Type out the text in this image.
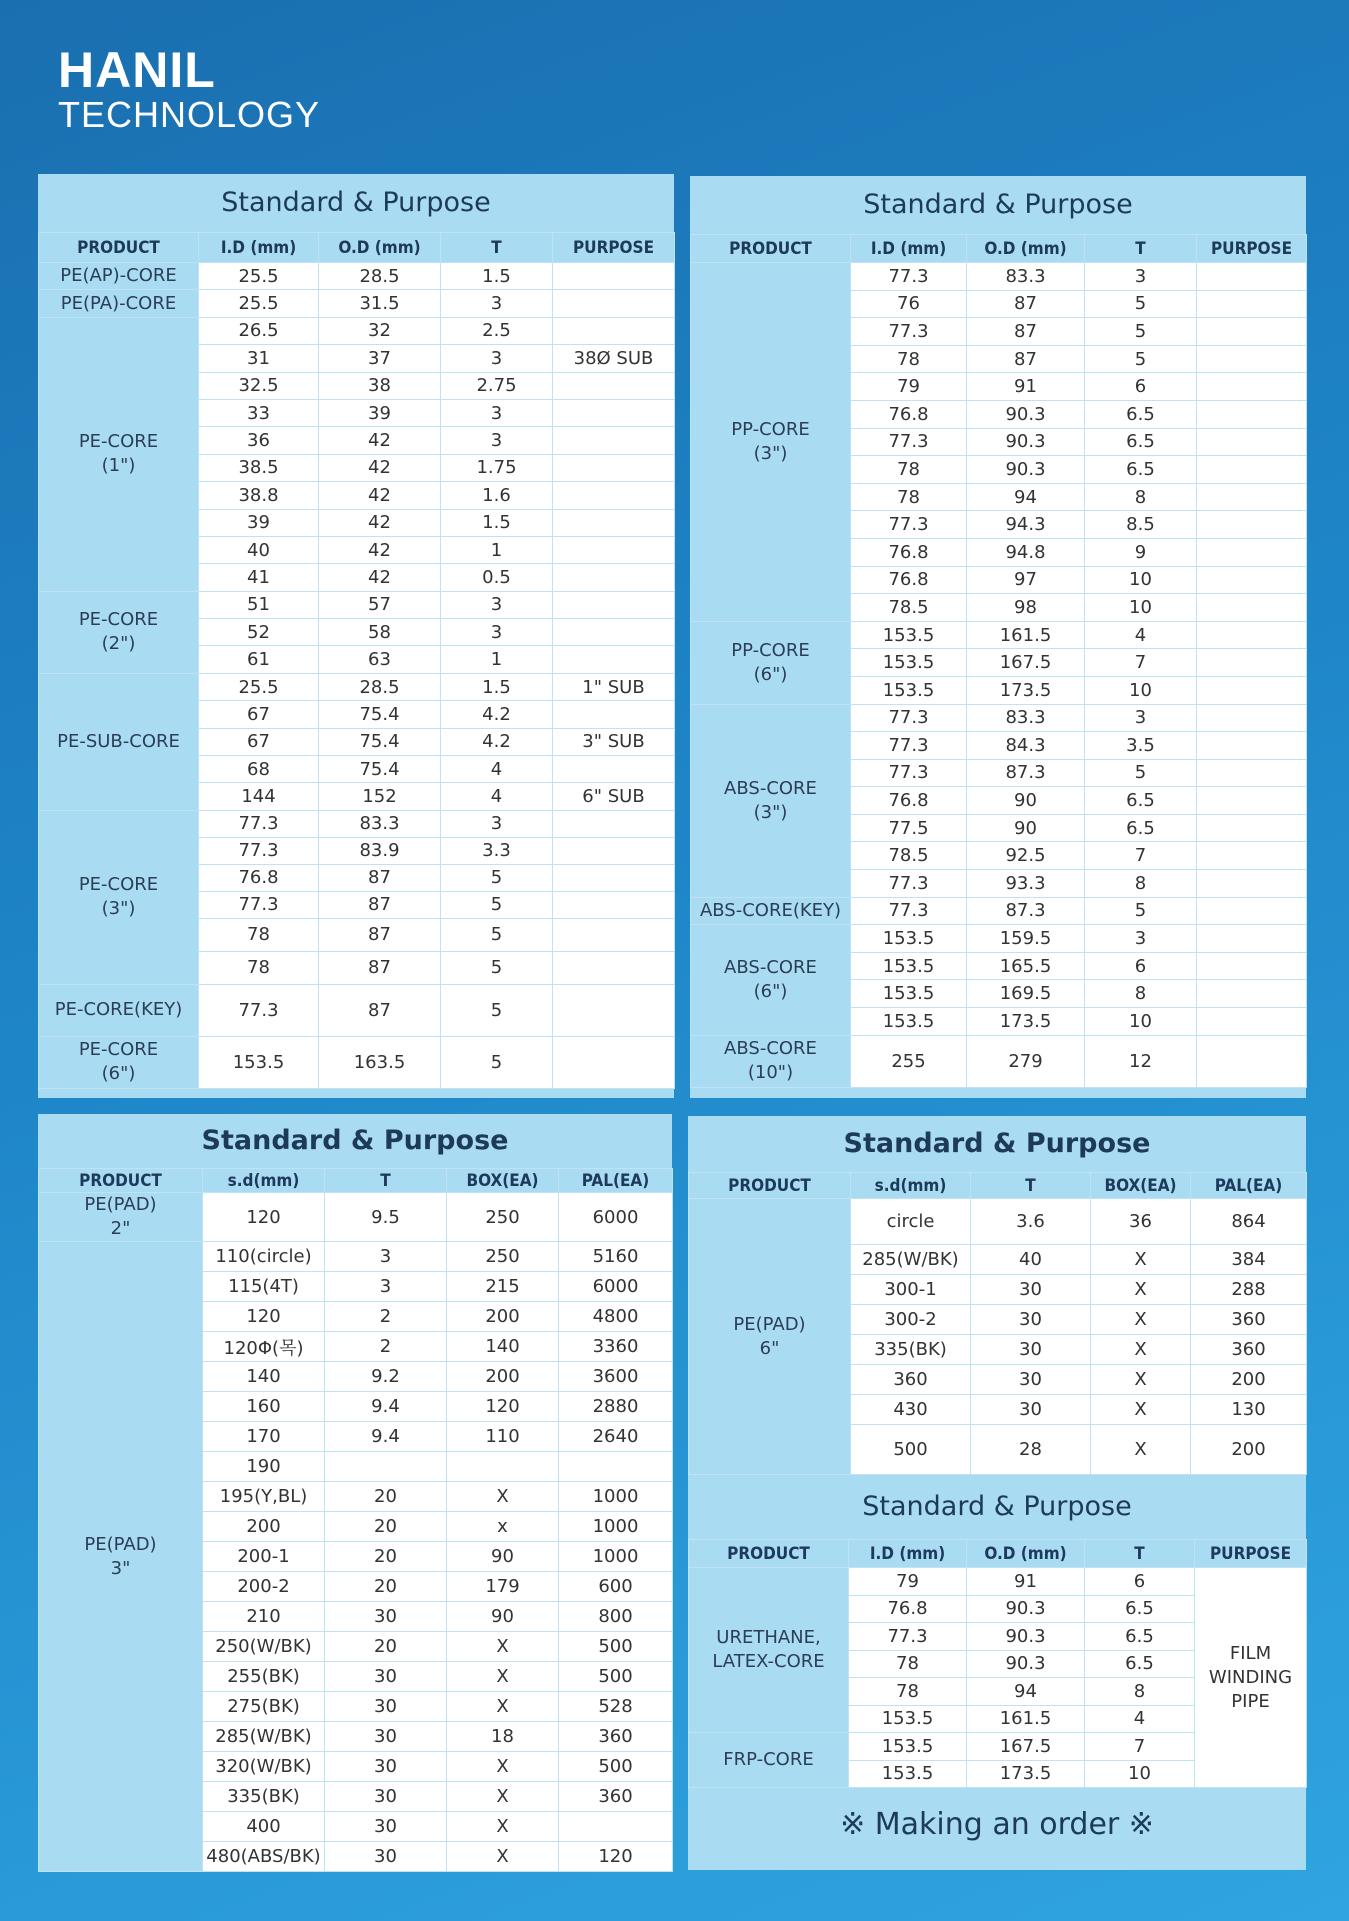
HANIL
TECHNOLOGY
Standard & Purpose
PRODUCT	I.D (mm)	O.D (mm)	T	PURPOSE
PE(AP)-CORE	25.5	28.5	1.5	
PE(PA)-CORE	25.5	31.5	3	
PE-CORE
(1")	26.5	32	2.5	
	31	37	3	38Ø SUB
	32.5	38	2.75	
	33	39	3	
	36	42	3	
	38.5	42	1.75	
	38.8	42	1.6	
	39	42	1.5	
	40	42	1	
	41	42	0.5	
PE-CORE
(2")	51	57	3	
	52	58	3	
	61	63	1	
PE-SUB-CORE	25.5	28.5	1.5	1" SUB
	67	75.4	4.2	
	67	75.4	4.2	3" SUB
	68	75.4	4	
	144	152	4	6" SUB
PE-CORE
(3")	77.3	83.3	3	
	77.3	83.9	3.3	
	76.8	87	5	
	77.3	87	5	
	78	87	5	
	78	87	5	
PE-CORE(KEY)	77.3	87	5	
PE-CORE
(6")	153.5	163.5	5	
Standard & Purpose
PRODUCT	I.D (mm)	O.D (mm)	T	PURPOSE
PP-CORE
(3")	77.3	83.3	3	
	76	87	5	
	77.3	87	5	
	78	87	5	
	79	91	6	
	76.8	90.3	6.5	
	77.3	90.3	6.5	
	78	90.3	6.5	
	78	94	8	
	77.3	94.3	8.5	
	76.8	94.8	9	
	76.8	97	10	
	78.5	98	10	
PP-CORE
(6")	153.5	161.5	4	
	153.5	167.5	7	
	153.5	173.5	10	
ABS-CORE
(3")	77.3	83.3	3	
	77.3	84.3	3.5	
	77.3	87.3	5	
	76.8	90	6.5	
	77.5	90	6.5	
	78.5	92.5	7	
	77.3	93.3	8	
ABS-CORE(KEY)	77.3	87.3	5	
ABS-CORE
(6")	153.5	159.5	3	
	153.5	165.5	6	
	153.5	169.5	8	
	153.5	173.5	10	
ABS-CORE
(10")	255	279	12	
Standard & Purpose
PRODUCT	s.d(mm)	T	BOX(EA)	PAL(EA)
PE(PAD)
2"	120	9.5	250	6000
PE(PAD)
3"	110(circle)	3	250	5160
	115(4T)	3	215	6000
	120	2	200	4800
	120Φ(목)	2	140	3360
	140	9.2	200	3600
	160	9.4	120	2880
	170	9.4	110	2640
	190			
	195(Y,BL)	20	X	1000
	200	20	x	1000
	200-1	20	90	1000
	200-2	20	179	600
	210	30	90	800
	250(W/BK)	20	X	500
	255(BK)	30	X	500
	275(BK)	30	X	528
	285(W/BK)	30	18	360
	320(W/BK)	30	X	500
	335(BK)	30	X	360
	400	30	X	
	480(ABS/BK)	30	X	120
Standard & Purpose
PRODUCT	s.d(mm)	T	BOX(EA)	PAL(EA)
PE(PAD)
6"	circle	3.6	36	864
	285(W/BK)	40	X	384
	300-1	30	X	288
	300-2	30	X	360
	335(BK)	30	X	360
	360	30	X	200
	430	30	X	130
	500	28	X	200
Standard & Purpose
PRODUCT	I.D (mm)	O.D (mm)	T	PURPOSE
URETHANE,
LATEX-CORE	79	91	6	FILM
WINDING
PIPE
	76.8	90.3	6.5	
	77.3	90.3	6.5	
	78	90.3	6.5	
	78	94	8	
	153.5	161.5	4	
FRP-CORE	153.5	167.5	7	
	153.5	173.5	10	
※ Making an order ※
